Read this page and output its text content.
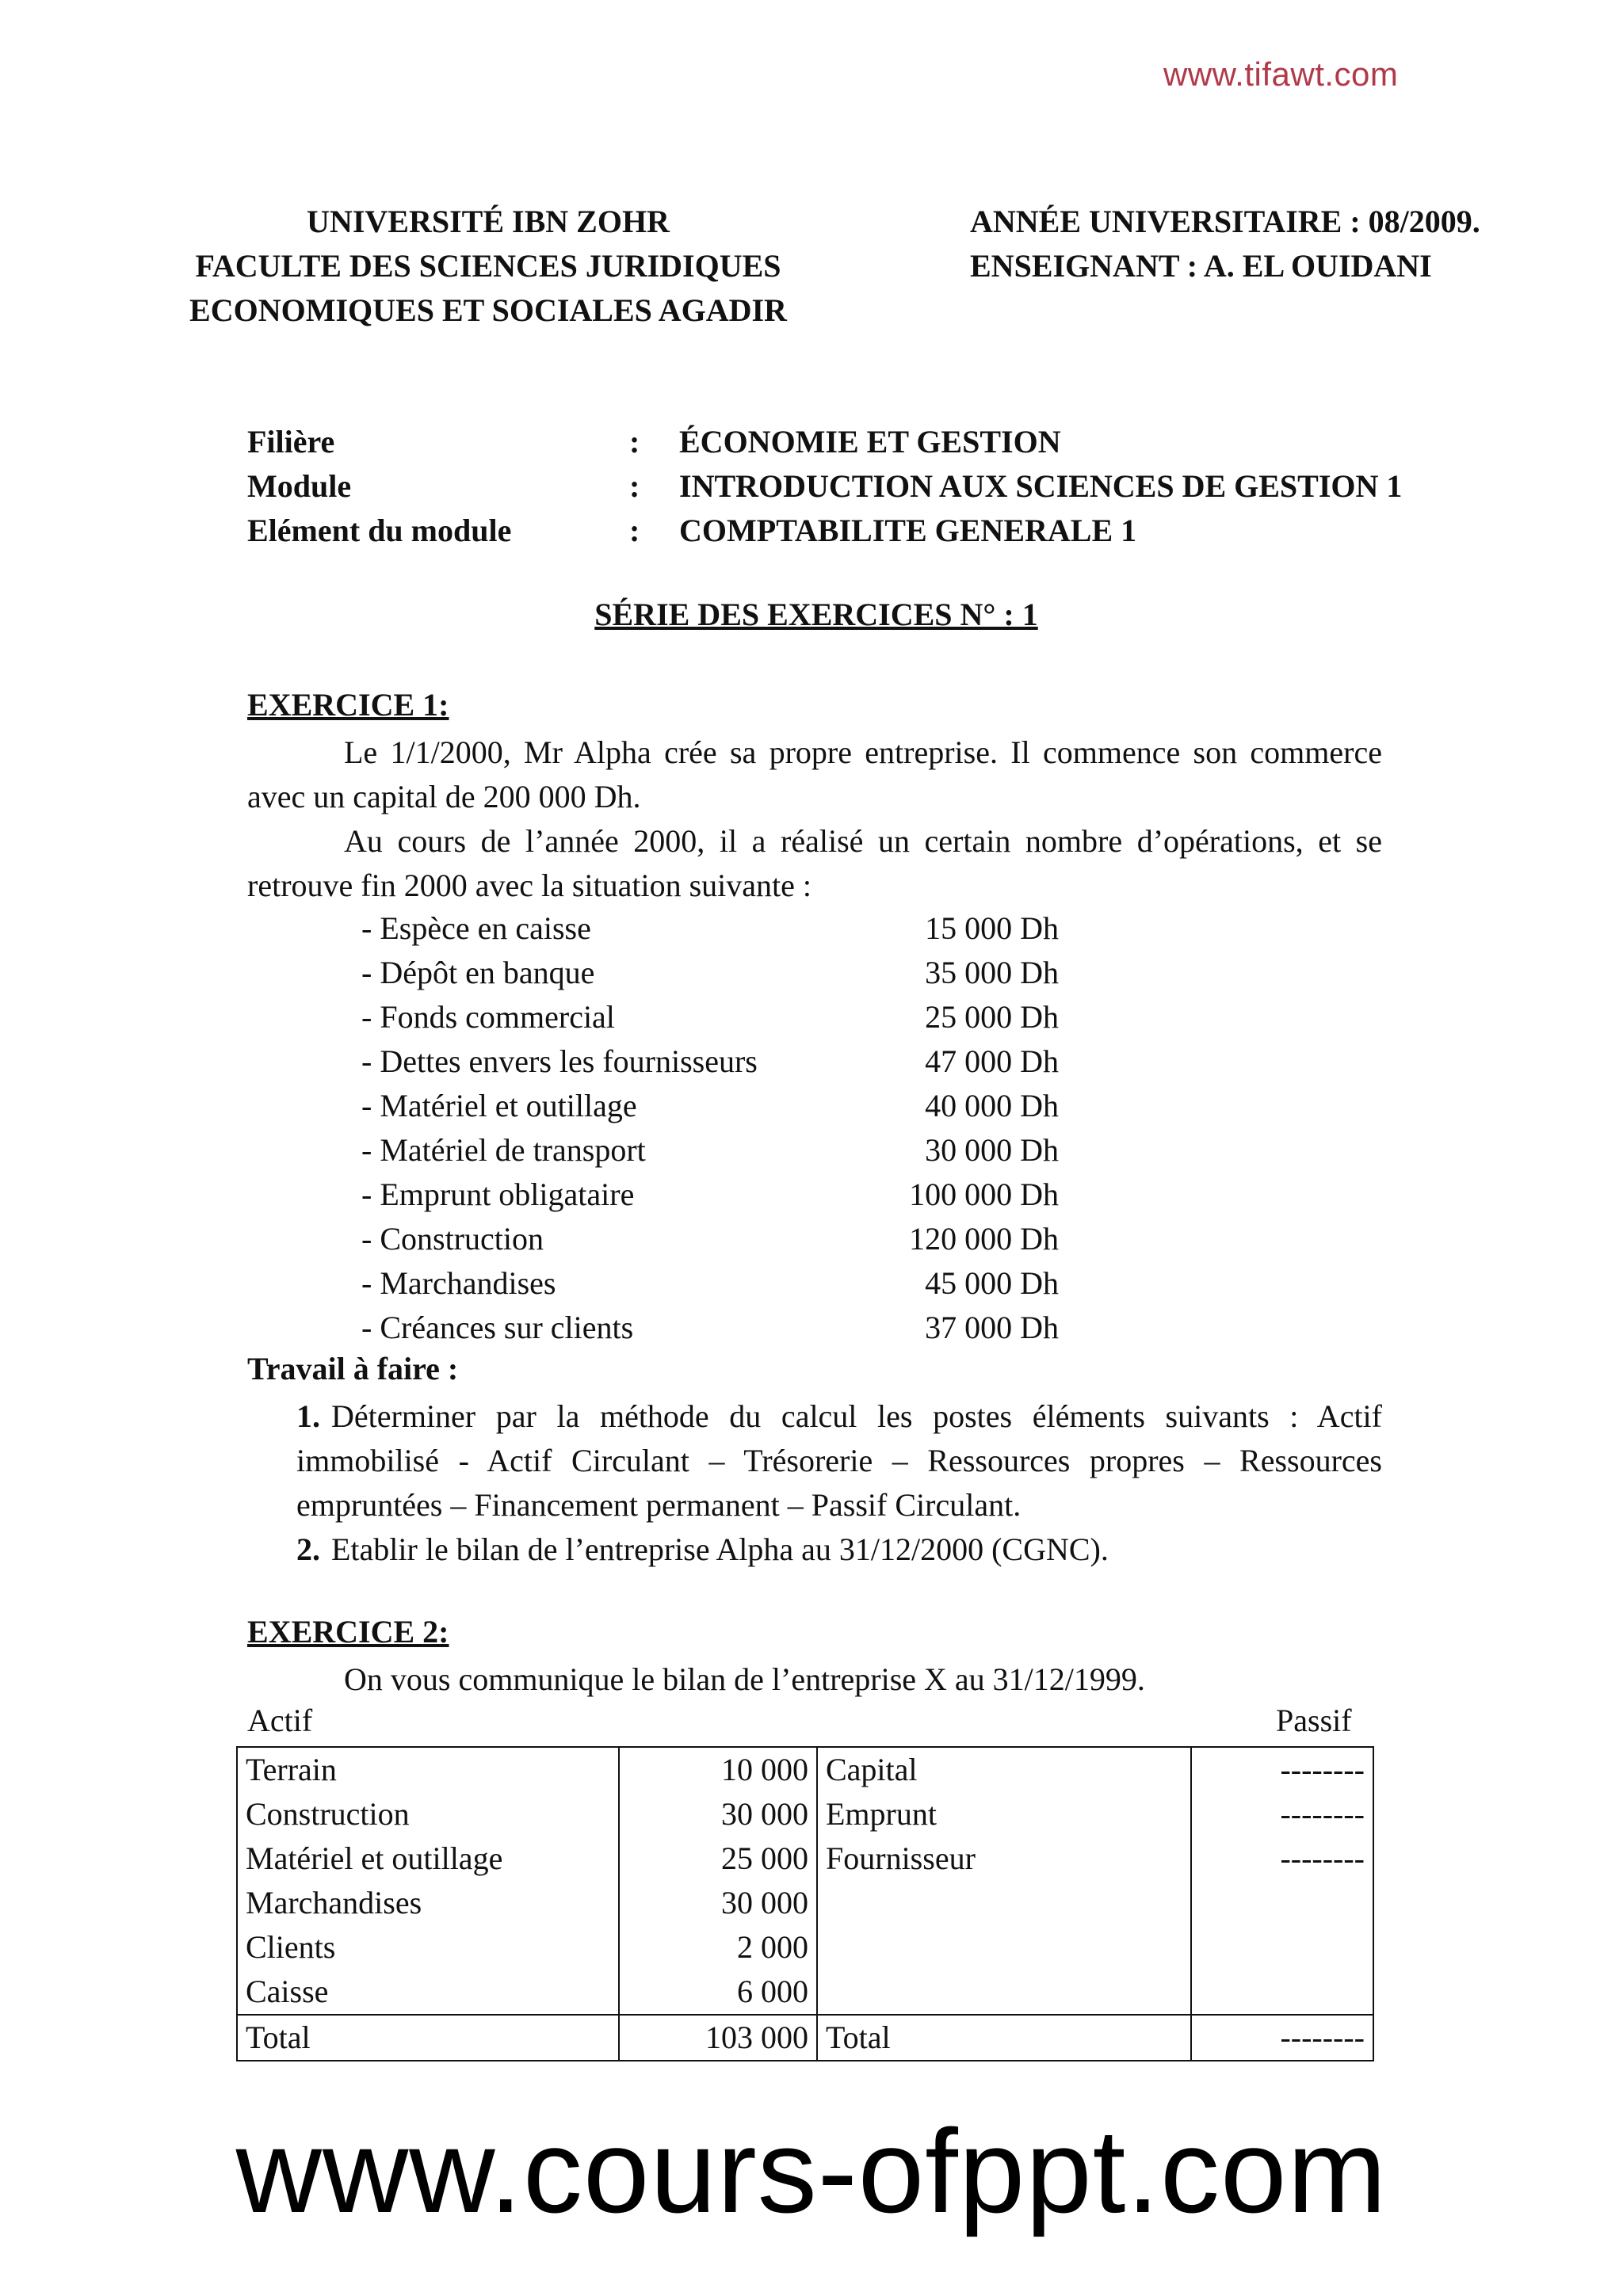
www.tifawt.com
UNIVERSITÉ IBN ZOHR
FACULTE DES SCIENCES JURIDIQUES
ECONOMIQUES ET SOCIALES AGADIR
ANNÉE UNIVERSITAIRE : 08/2009.
ENSEIGNANT : A. EL OUIDANI
Filière	: ÉCONOMIE ET GESTION
Module	: INTRODUCTION AUX SCIENCES DE GESTION 1
Elément du module	: COMPTABILITE GENERALE 1
SÉRIE DES EXERCICES N° : 1
EXERCICE 1:
Le 1/1/2000, Mr Alpha crée sa propre entreprise. Il commence son commerce avec un capital de 200 000 Dh.
Au cours de l’année 2000, il a réalisé un certain nombre d’opérations, et se retrouve fin 2000 avec la situation suivante :
- Espèce en caisse	15 000 Dh
- Dépôt en banque	35 000 Dh
- Fonds commercial	25 000 Dh
- Dettes envers les fournisseurs	47 000 Dh
- Matériel et outillage	40 000 Dh
- Matériel de transport	30 000 Dh
- Emprunt obligataire	100 000 Dh
- Construction	120 000 Dh
- Marchandises	45 000 Dh
- Créances sur clients	37 000 Dh
Travail à faire :
1. Déterminer par la méthode du calcul les postes éléments suivants : Actif immobilisé - Actif Circulant – Trésorerie – Ressources propres – Ressources empruntées – Financement permanent – Passif Circulant.
2. Etablir le bilan de l’entreprise Alpha au 31/12/2000 (CGNC).
EXERCICE 2:
On vous communique le bilan de l’entreprise X au 31/12/1999.
Actif	Passif
Terrain	10 000	Capital	--------
Construction	30 000	Emprunt	--------
Matériel et outillage	25 000	Fournisseur	--------
Marchandises	30 000		
Clients	2 000		
Caisse	6 000		
Total	103 000	Total	--------
www.cours-ofppt.com
